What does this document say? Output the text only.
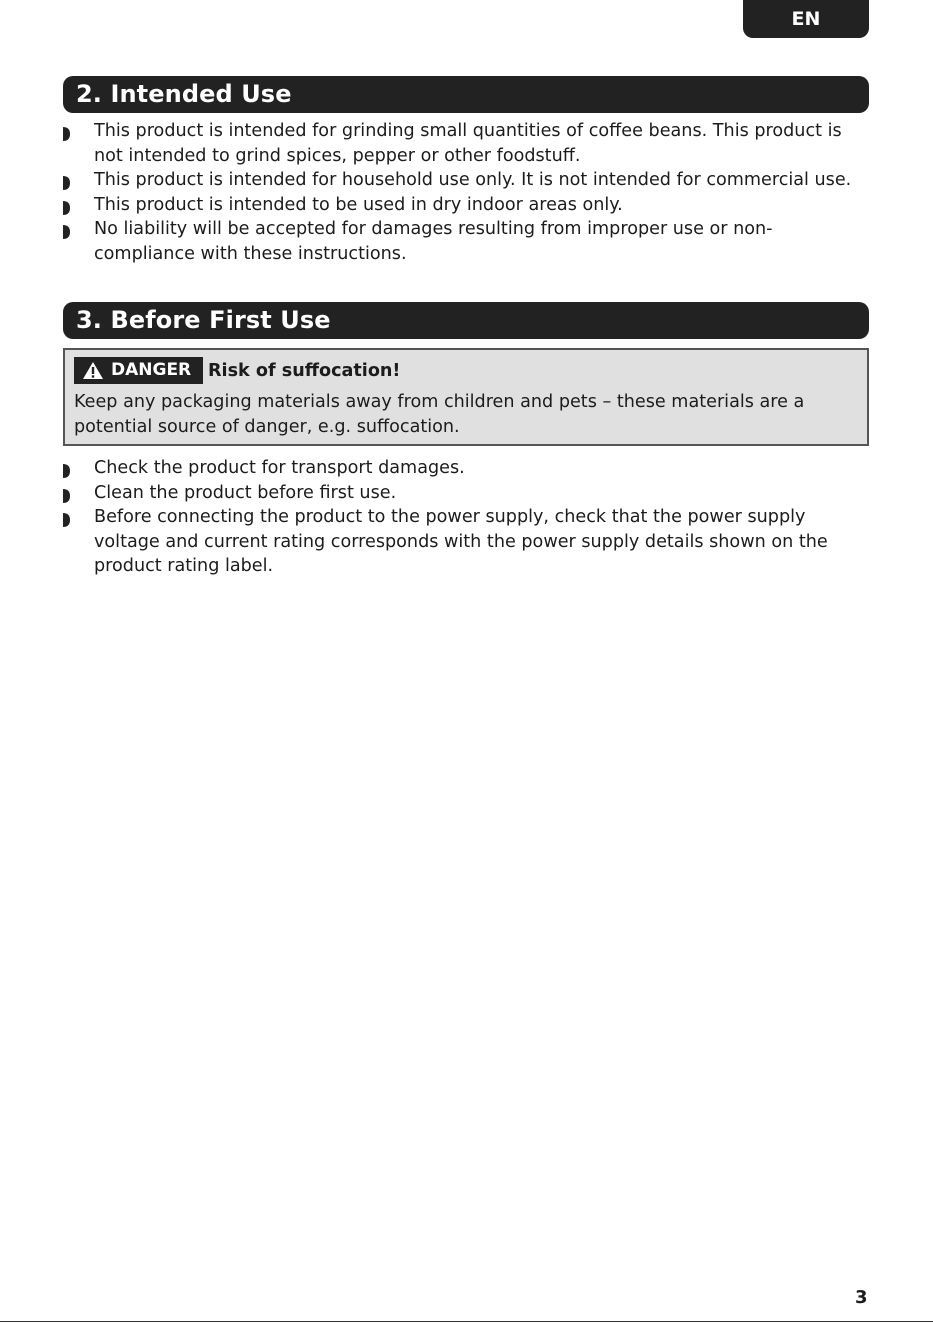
EN
2. Intended Use
This product is intended for grinding small quantities of coffee beans. This product is not intended to grind spices, pepper or other foodstuff.
This product is intended for household use only. It is not intended for commercial use.
This product is intended to be used in dry indoor areas only.
No liability will be accepted for damages resulting from improper use or non-compliance with these instructions.
3. Before First Use
DANGER Risk of suffocation!
Keep any packaging materials away from children and pets – these materials are a potential source of danger, e.g. suffocation.
Check the product for transport damages.
Clean the product before first use.
Before connecting the product to the power supply, check that the power supply voltage and current rating corresponds with the power supply details shown on the product rating label.
3
